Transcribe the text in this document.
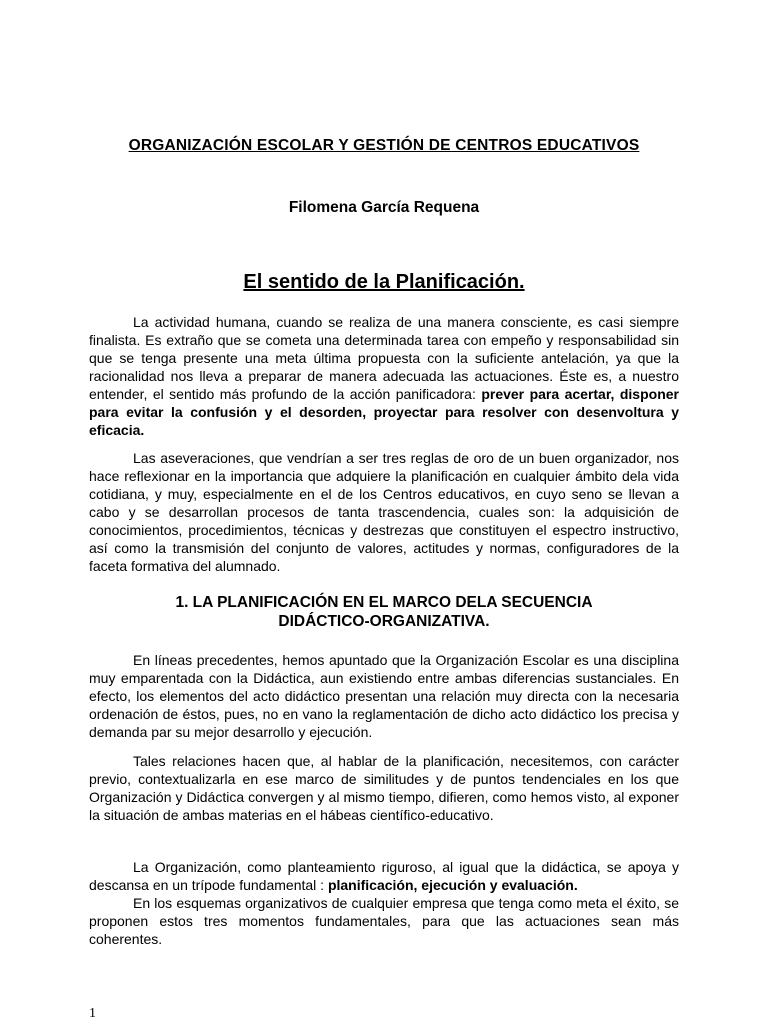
ORGANIZACIÓN ESCOLAR Y GESTIÓN DE CENTROS EDUCATIVOS
Filomena García Requena
El sentido de la Planificación.
La actividad humana, cuando se realiza de una manera consciente, es casi siempre finalista. Es extraño que se cometa una determinada tarea con empeño y responsabilidad sin que se tenga presente una meta última propuesta con la suficiente antelación, ya que la racionalidad nos lleva a preparar de manera adecuada las actuaciones. Éste es, a nuestro entender, el sentido más profundo de la acción panificadora: prever para acertar, disponer para evitar la confusión y el desorden, proyectar para resolver con desenvoltura y eficacia.
Las aseveraciones, que vendrían a ser tres reglas de oro de un buen organizador, nos hace reflexionar en la importancia que adquiere la planificación en cualquier ámbito dela vida cotidiana, y muy, especialmente en el de los Centros educativos, en cuyo seno se llevan a cabo y se desarrollan procesos de tanta trascendencia, cuales son: la adquisición de conocimientos, procedimientos, técnicas y destrezas que constituyen el espectro instructivo, así como la transmisión del conjunto de valores, actitudes y normas, configuradores de la faceta formativa del alumnado.
1. LA PLANIFICACIÓN EN EL MARCO DELA SECUENCIA
DIDÁCTICO-ORGANIZATIVA.
En líneas precedentes, hemos apuntado que la Organización Escolar es una disciplina muy emparentada con la Didáctica, aun existiendo entre ambas diferencias sustanciales. En efecto, los elementos del acto didáctico presentan una relación muy directa con la necesaria ordenación de éstos, pues, no en vano la reglamentación de dicho acto didáctico los precisa y demanda par su mejor desarrollo y ejecución.
Tales relaciones hacen que, al hablar de la planificación, necesitemos, con carácter previo, contextualizarla en ese marco de similitudes y de puntos tendenciales en los que Organización y Didáctica convergen y al mismo tiempo, difieren, como hemos visto, al exponer la situación de ambas materias en el hábeas científico-educativo.
La Organización, como planteamiento riguroso, al igual que la didáctica, se apoya y descansa en un trípode fundamental : planificación, ejecución y evaluación.
En los esquemas organizativos de cualquier empresa que tenga como meta el éxito, se proponen estos tres momentos fundamentales, para que las actuaciones sean más coherentes.
1
